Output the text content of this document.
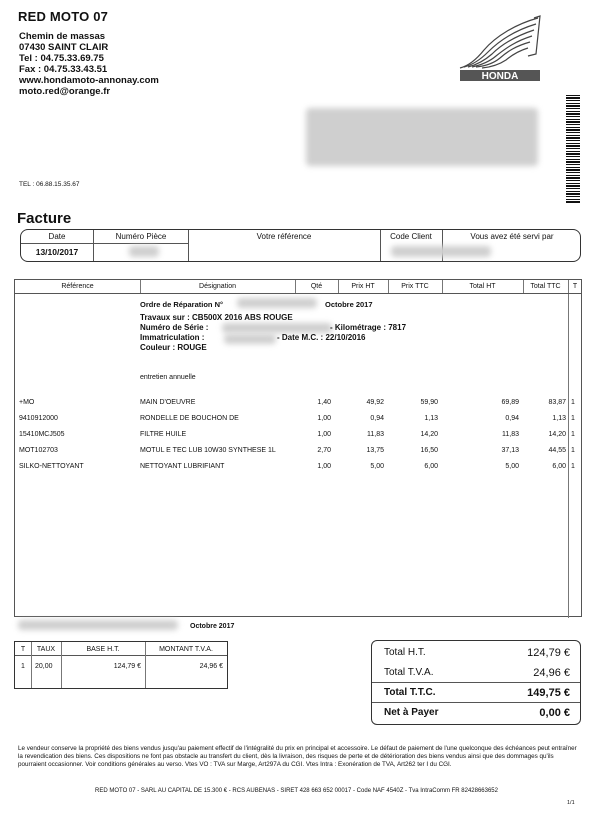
RED MOTO 07
Chemin de massas
07430 SAINT CLAIR
Tel : 04.75.33.69.75
Fax : 04.75.33.43.51
www.hondamoto-annonay.com
moto.red@orange.fr
HONDA
TEL : 06.88.15.35.67
Facture
Date	Numéro Pièce	Votre référence	Code Client	Vous avez été servi par
13/10/2017
Référence	Désignation	Qté	Prix HT	Prix TTC	Total HT	Total TTC	T
Ordre de Réparation N°	Octobre 2017
Travaux sur : CB500X 2016 ABS ROUGE
Numéro de Série :	- Kilométrage : 7817
Immatriculation :	- Date M.C. : 22/10/2016
Couleur : ROUGE
entretien annuelle
+MO	MAIN D'OEUVRE	1,40	49,92	59,90	69,89	83,87 1
9410912000	RONDELLE DE BOUCHON DE	1,00	0,94	1,13	0,94	1,13 1
15410MCJ505	FILTRE HUILE	1,00	11,83	14,20	11,83	14,20 1
MOT102703	MOTUL E TEC LUB 10W30 SYNTHESE 1L	2,70	13,75	16,50	37,13	44,55 1
SILKO-NETTOYANT	NETTOYANT LUBRIFIANT	1,00	5,00	6,00	5,00	6,00 1
Octobre 2017
T	TAUX	BASE H.T.	MONTANT T.V.A.
1	20,00	124,79 €	24,96 €
Total H.T.	124,79 €
Total T.V.A.	24,96 €
Total T.T.C.	149,75 €
Net à Payer	0,00 €
Le vendeur conserve la propriété des biens vendus jusqu'au paiement effectif de l'intégralité du prix en principal et accessoire. Le défaut de paiement de l'une quelconque des échéances peut entraîner la revendication des biens. Ces dispositions ne font pas obstacle au transfert du client, dès la livraison, des risques de perte et de détérioration des biens vendus ainsi que des dommages qu'ils pourraient occasionner. Voir conditions générales au verso. Vtes VO : TVA sur Marge, Art297A du CGI. Vtes Intra : Exonération de TVA, Art262 ter I du CGI.
RED MOTO 07 - SARL AU CAPITAL DE 15.300 € - RCS AUBENAS - SIRET 428 663 652 00017 - Code NAF 4540Z - Tva IntraComm FR 82428663652
1/1
